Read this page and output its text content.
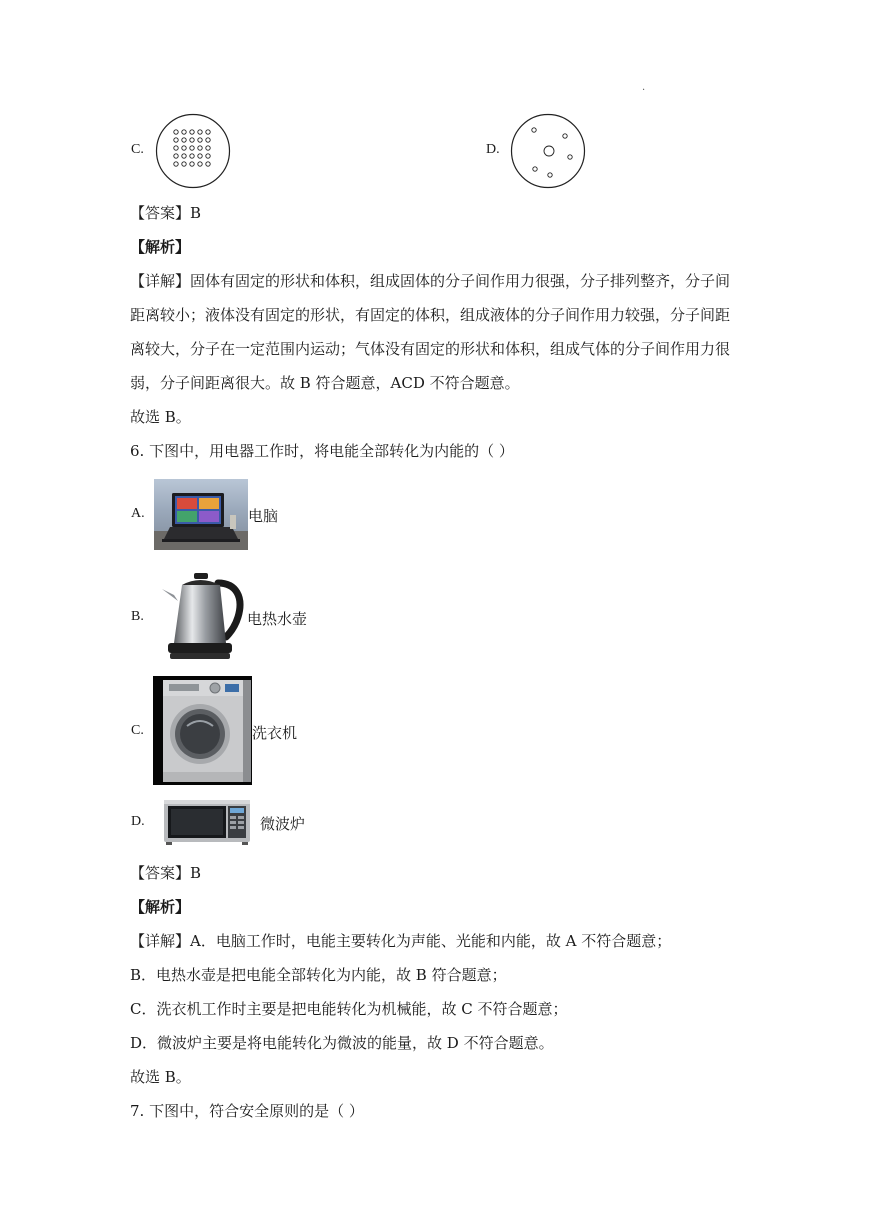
.
C.	D.
【答案】B
【解析】
【详解】固体有固定的形状和体积，组成固体的分子间作用力很强，分子排列整齐，分子间
距离较小；液体没有固定的形状，有固定的体积，组成液体的分子间作用力较强，分子间距
离较大，分子在一定范围内运动；气体没有固定的形状和体积，组成气体的分子间作用力很
弱，分子间距离很大。故 B 符合题意，ACD 不符合题意。
故选 B。
6. 下图中，用电器工作时，将电能全部转化为内能的（ ）
A.	电脑
B.	电热水壶
C.	洗衣机
D.	微波炉
【答案】B
【解析】
【详解】A．电脑工作时，电能主要转化为声能、光能和内能，故 A 不符合题意；
B．电热水壶是把电能全部转化为内能，故 B 符合题意；
C．洗衣机工作时主要是把电能转化为机械能，故 C 不符合题意；
D．微波炉主要是将电能转化为微波的能量，故 D 不符合题意。
故选 B。
7. 下图中，符合安全原则的是（ ）
